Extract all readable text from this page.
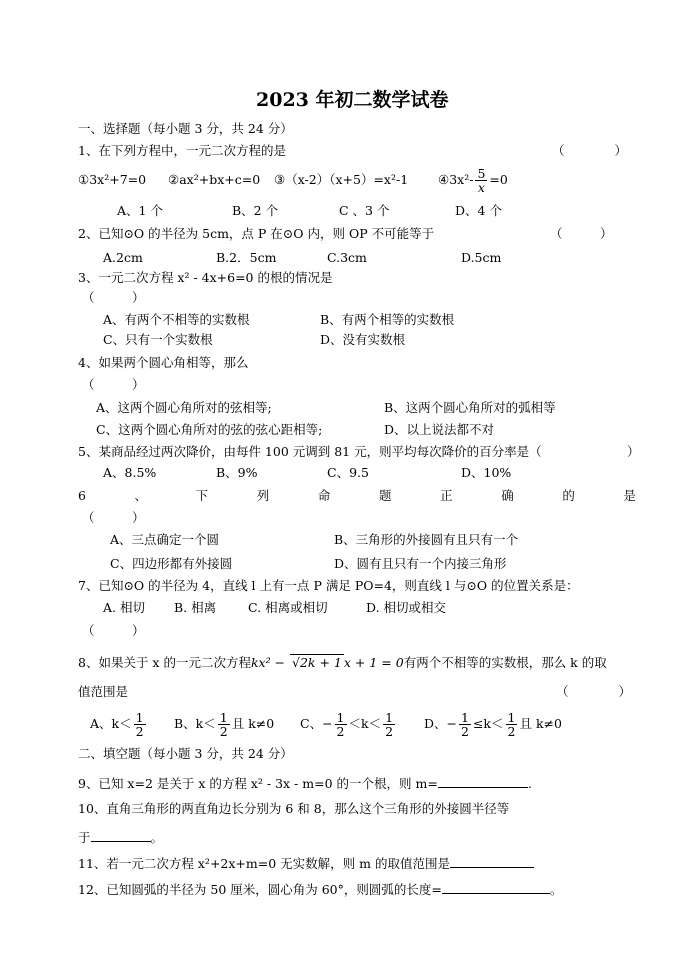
2023 年初二数学试卷
一、选择题（每小题 3 分，共 24 分）
1、在下列方程中，一元二次方程的是	（　　　　）
①3x²+7=0 ②ax²+bx+c=0 ③（x-2）（x+5）=x²-1 ④3x²- $\frac{5}{x} =0$
A、1 个	B、2 个	C 、3 个	D、4 个
2、已知⊙O 的半径为 5cm，点 P 在⊙O 内，则 OP 不可能等于	（　　　）
A.2cm	B.2．5cm	C.3cm	D.5cm
3、一元二次方程 x² - 4x+6=0 的根的情况是
（　　　）
A、有两个不相等的实数根	B、有两个相等的实数根
C、只有一个实数根	D、没有实数根
4、如果两个圆心角相等，那么
（　　　）
A、这两个圆心角所对的弦相等;	B、这两个圆心角所对的弧相等
C、这两个圆心角所对的弦的弦心距相等;	D、以上说法都不对
5、某商品经过两次降价，由每件 100 元调到 81 元，则平均每次降价的百分率是（	）
A、8.5%	B、9%	C、9.5	D、10%
6	、	下	列	命	题	正	确	的	是
（　　　）
A、三点确定一个圆	B、三角形的外接圆有且只有一个
C、四边形都有外接圆	D、圆有且只有一个内接三角形
7、已知⊙O 的半径为 4，直线 l 上有一点 P 满足 PO=4，则直线 l 与⊙O 的位置关系是：
A. 相切 B. 相离	C. 相离或相切	D. 相切或相交
（　　　）
8、如果关于 x 的一元二次方程kx² − √2k + 1 x + 1 = 0有两个不相等的实数根，那么 k 的取
值范围是	（　　　　）
A、$k< \frac{1}{2}$ B、$k< \frac{1}{2}$ 且 k≠0 C、− $\frac{1}{2} <k< \frac{1}{2}$ D、− $\frac{1}{2} \le k< \frac{1}{2}$ 且 k≠0
二、填空题（每小题 3 分，共 24 分）
9、已知 x=2 是关于 x 的方程 x² - 3x - m=0 的一个根，则 m=	.
10、直角三角形的两直角边长分别为 6 和 8，那么这个三角形的外接圆半径等
于	。
11、若一元二次方程 x²+2x+m=0 无实数解，则 m 的取值范围是
12、已知圆弧的半径为 50 厘米，圆心角为 60°，则圆弧的长度=	。
